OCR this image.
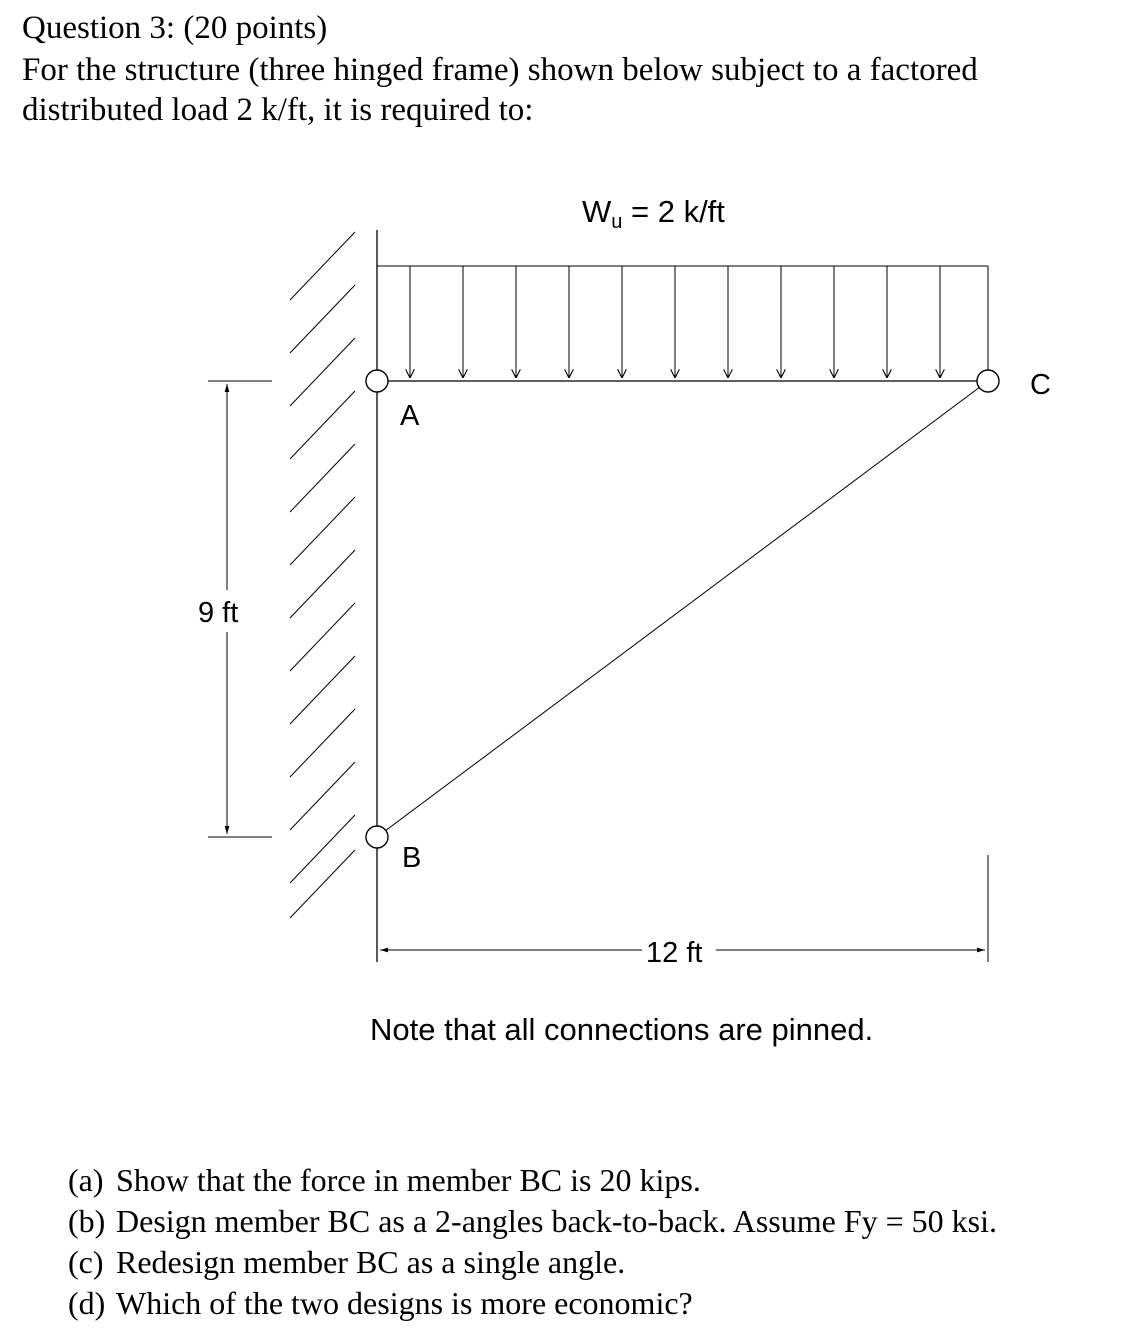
Question 3: (20 points)
For the structure (three hinged frame) shown below subject to a factored
distributed load 2 k/ft, it is required to:
Wu = 2 k/ft
A
B
C
9 ft
12 ft
Note that all connections are pinned.
(a) Show that the force in member BC is 20 kips.
(b) Design member BC as a 2-angles back-to-back. Assume Fy = 50 ksi.
(c) Redesign member BC as a single angle.
(d) Which of the two designs is more economic?
